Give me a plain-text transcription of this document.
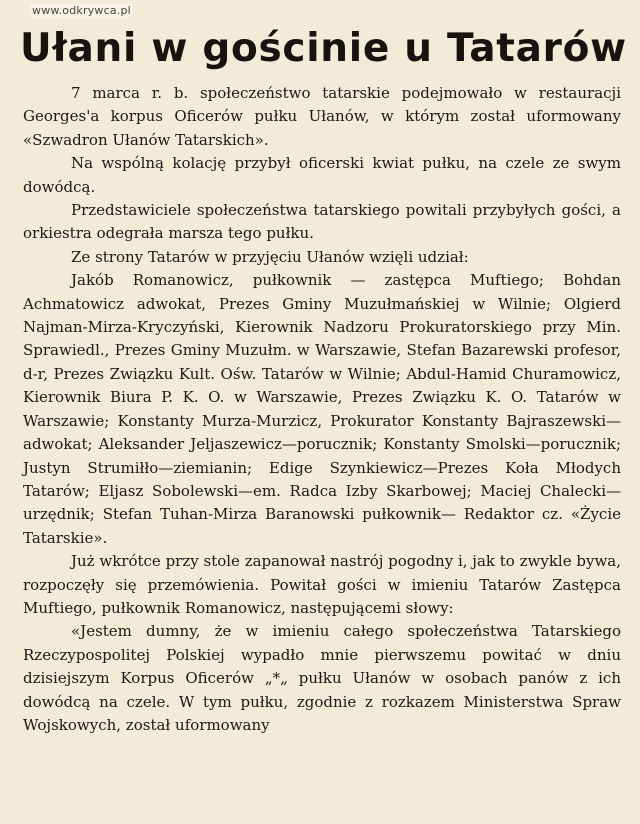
www.odkrywca.pl
Ułani w gościnie u Tatarów

7 marca r. b. społeczeństwo tatarskie podejmowało w restauracji Georges'a korpus Oficerów pułku Ułanów, w którym został uformowany «Szwadron Ułanów Tatarskich».

Na wspólną kolację przybył oficerski kwiat pułku, na czele ze swym dowódcą.

Przedstawiciele społeczeństwa tatarskiego powitali przybyłych gości, a orkiestra odegrała marsza tego pułku.

Ze strony Tatarów w przyjęciu Ułanów wzięli udział:

Jakób Romanowicz, pułkownik — zastępca Muftiego; Bohdan Achmatowicz adwokat, Prezes Gminy Muzułmańskiej w Wilnie; Olgierd Najman-Mirza-Kryczyński, Kierownik Nadzoru Prokuratorskiego przy Min. Sprawiedl., Prezes Gminy Muzułm. w Warszawie, Stefan Bazarewski profesor, d-r, Prezes Związku Kult. Ośw. Tatarów w Wilnie; Abdul-Hamid Churamowicz, Kierownik Biura P. K. O. w Warszawie, Prezes Związku K. O. Tatarów w Warszawie; Konstanty Murza-Murzicz, Prokurator Konstanty Bajraszewski—adwokat; Aleksander Jeljaszewicz—porucznik; Konstanty Smolski—porucznik; Justyn Strumiłło—ziemianin; Edige Szynkiewicz—Prezes Koła Młodych Tatarów; Eljasz Sobolewski—em. Radca Izby Skarbowej; Maciej Chalecki—urzędnik; Stefan Tuhan-Mirza Baranowski pułkownik— Redaktor cz. «Życie Tatarskie».

Już wkrótce przy stole zapanował nastrój pogodny i, jak to zwykle bywa, rozpoczęły się przemówienia. Powitał gości w imieniu Tatarów Zastępca Muftiego, pułkownik Romanowicz, następującemi słowy:

«Jestem dumny, że w imieniu całego społeczeństwa Tatarskiego Rzeczypospolitej Polskiej wypadło mnie pierwszemu powitać w dniu dzisiejszym Korpus Oficerów „*„ pułku Ułanów w osobach panów z ich dowódcą na czele. W tym pułku, zgodnie z rozkazem Ministerstwa Spraw Wojskowych, został uformowany
